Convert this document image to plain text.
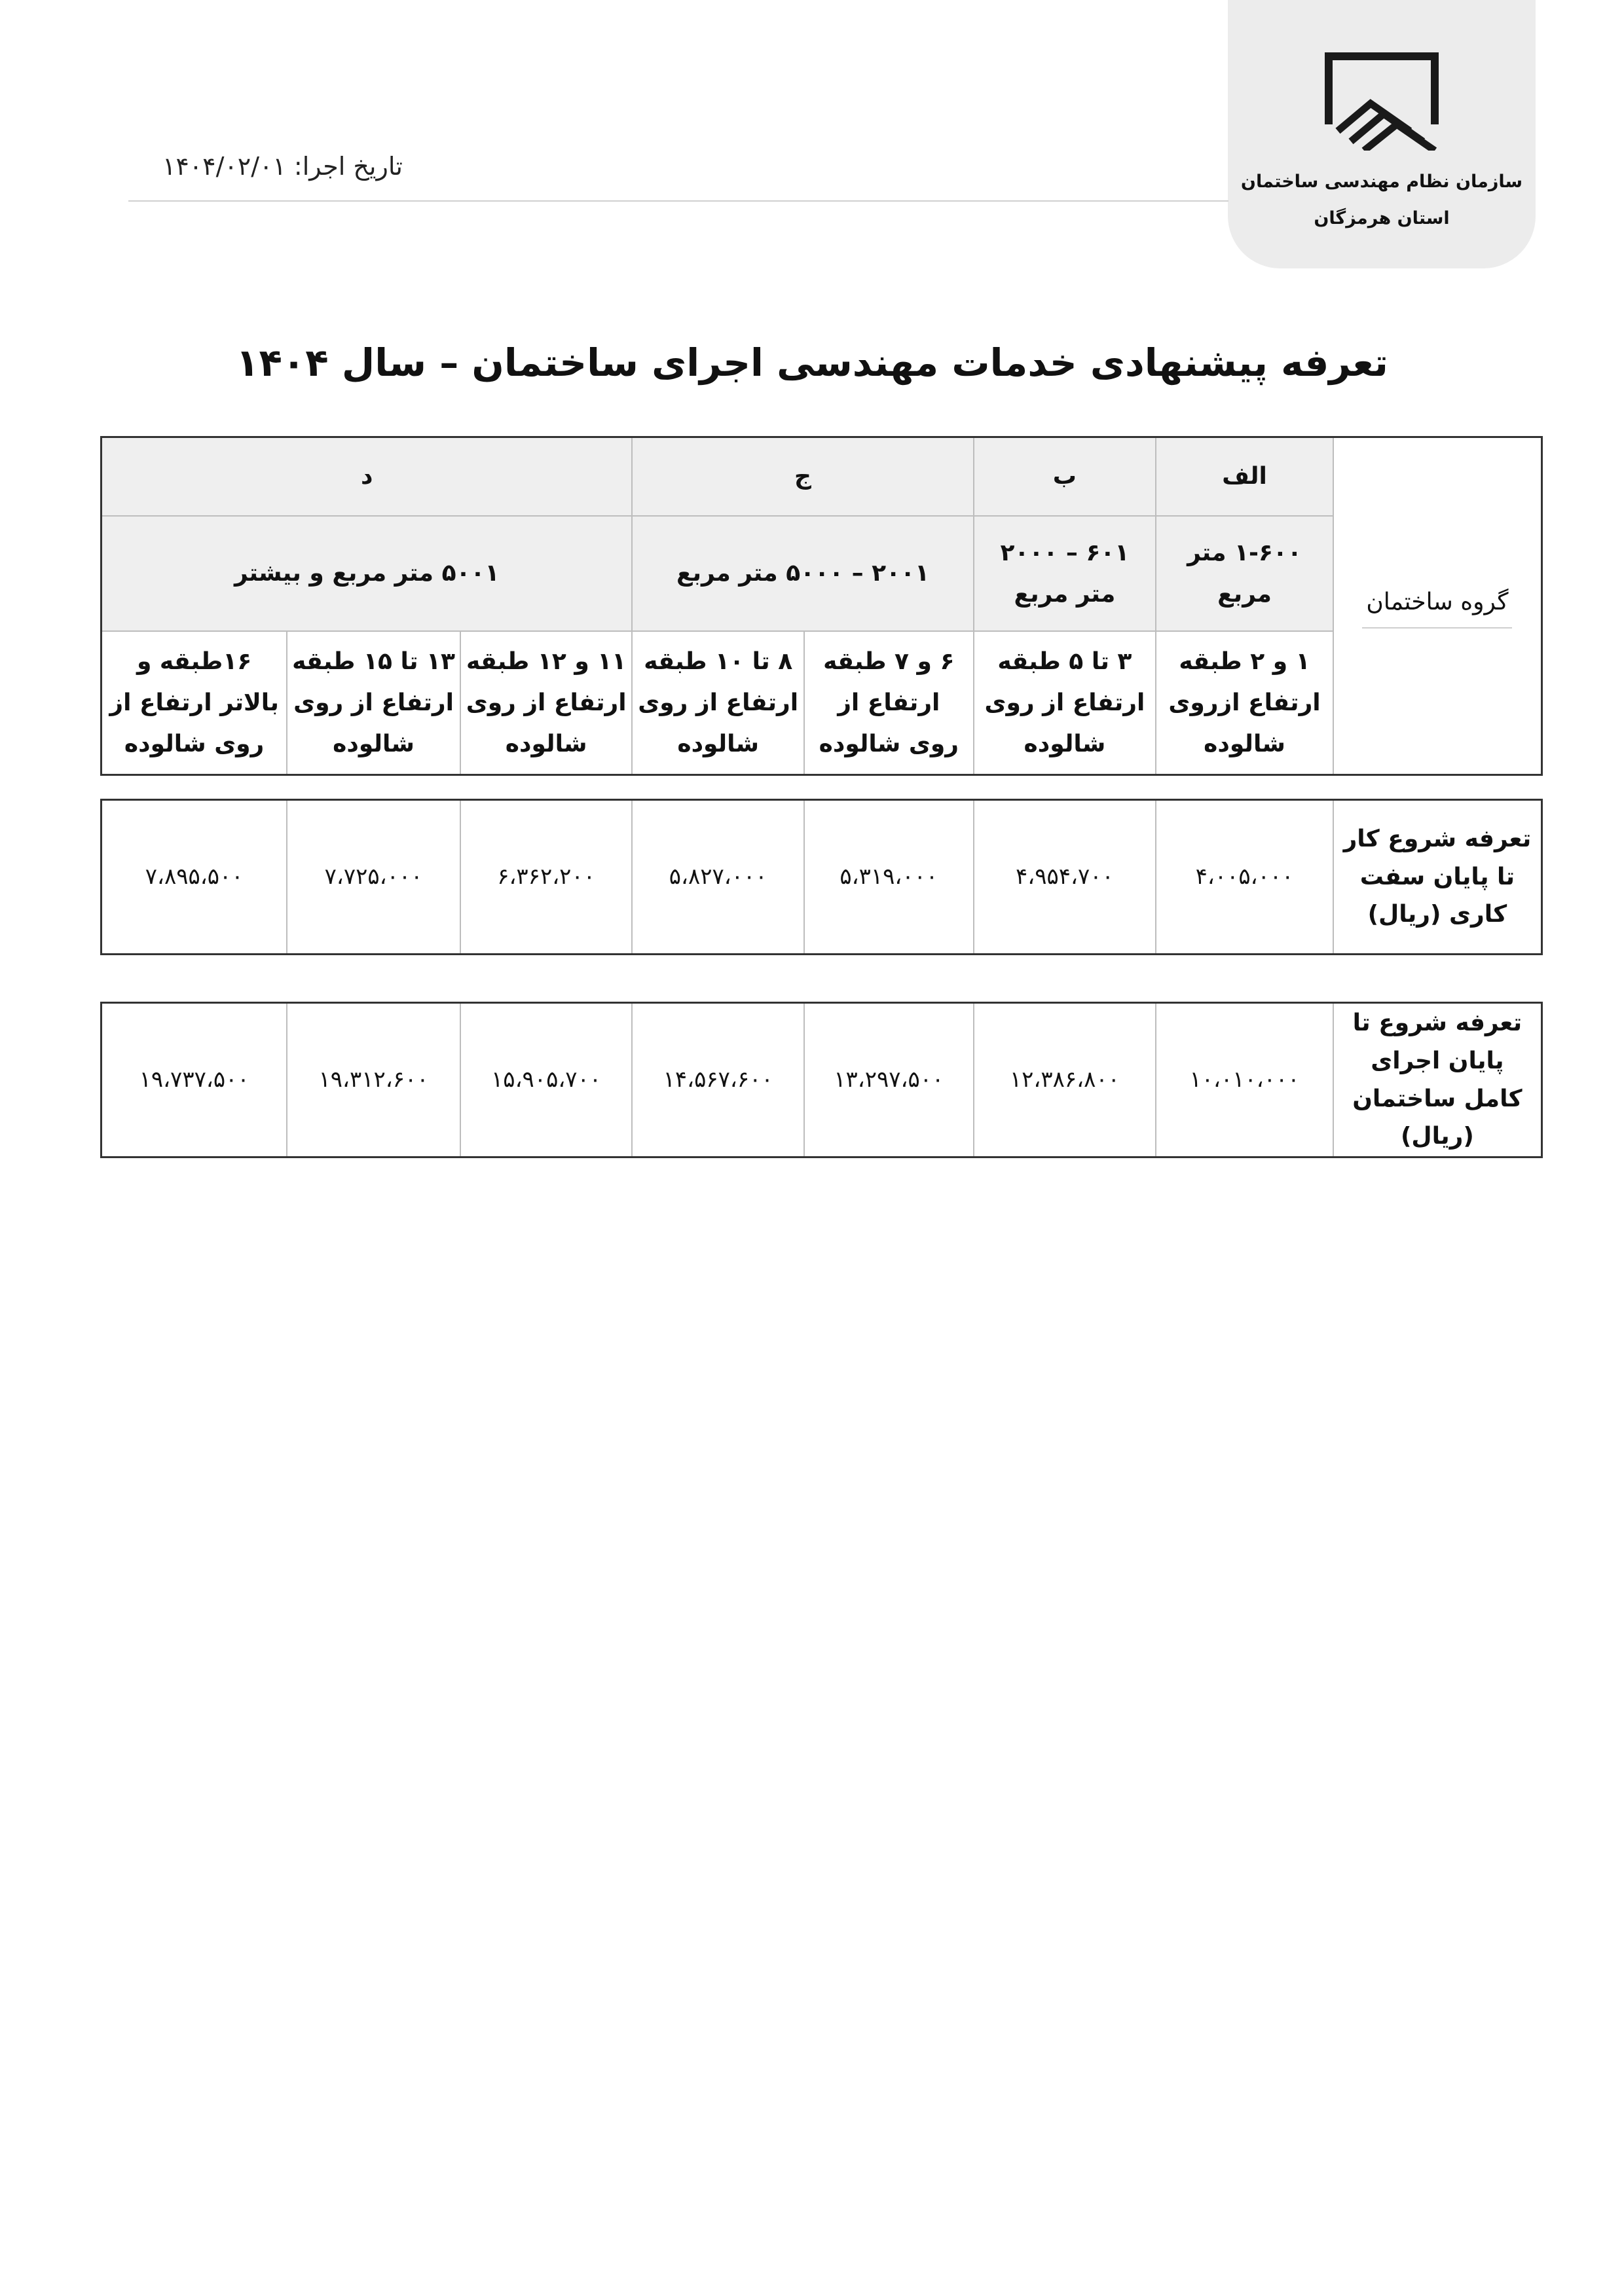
سازمان نظام مهندسی ساختمان
استان هرمزگان
تاریخ اجرا: ۱۴۰۴/۰۲/۰۱
تعرفه پیشنهادی خدمات مهندسی اجرای ساختمان – سال ۱۴۰۴
گروه ساختمان	الف	ب	ج		د		
	۱-۶۰۰ متر مربع	۶۰۱ – ۲۰۰۰ متر مربع	۲۰۰۱ – ۵۰۰۰ متر مربع		۵۰۰۱ متر مربع و بیشتر		
	۱ و ۲ طبقه ارتفاع ازروی شالوده	۳ تا ۵ طبقه ارتفاع از روی شالوده	۶ و ۷ طبقه ارتفاع از روی شالوده	۸ تا ۱۰ طبقه ارتفاع از روی شالوده	۱۱ و ۱۲ طبقه ارتفاع از روی شالوده	۱۳ تا ۱۵ طبقه ارتفاع از روی شالوده	۱۶طبقه و بالاتر ارتفاع از روی شالوده
تعرفه شروع کار تا پایان سفت کاری (ریال)	۴،۰۰۵،۰۰۰	۴،۹۵۴،۷۰۰	۵،۳۱۹،۰۰۰	۵،۸۲۷،۰۰۰	۶،۳۶۲،۲۰۰	۷،۷۲۵،۰۰۰	۷،۸۹۵،۵۰۰
تعرفه شروع تا پایان اجرای کامل ساختمان (ریال)	۱۰،۰۱۰،۰۰۰	۱۲،۳۸۶،۸۰۰	۱۳،۲۹۷،۵۰۰	۱۴،۵۶۷،۶۰۰	۱۵،۹۰۵،۷۰۰	۱۹،۳۱۲،۶۰۰	۱۹،۷۳۷،۵۰۰
